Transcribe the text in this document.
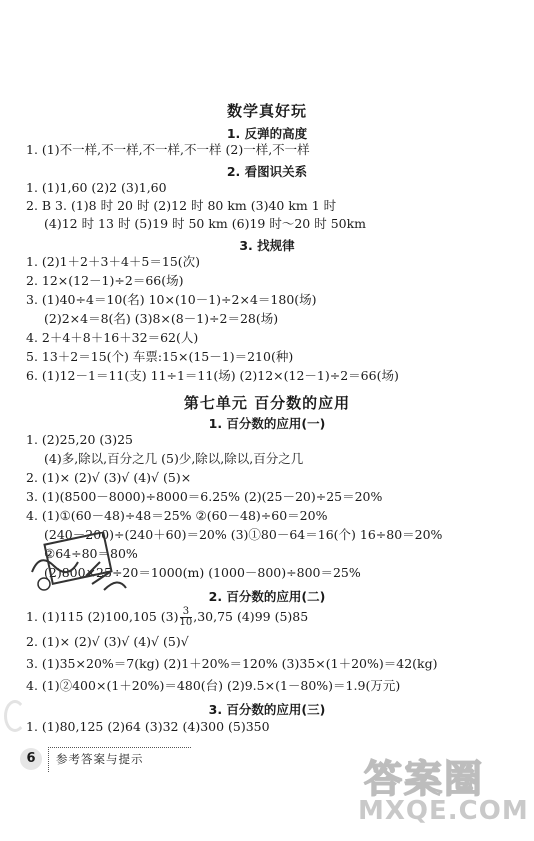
数学真好玩
1. 反弹的高度
1. (1)不一样,不一样,不一样,不一样 (2)一样,不一样
2. 看图识关系
1. (1)1,60 (2)2 (3)1,60
2. B 3. (1)8 时 20 时 (2)12 时 80 km (3)40 km 1 时
(4)12 时 13 时 (5)19 时 50 km (6)19 时～20 时 50km
3. 找规律
1. (2)1＋2＋3＋4＋5＝15(次)
2. 12×(12－1)÷2＝66(场)
3. (1)40÷4＝10(名) 10×(10－1)÷2×4＝180(场)
(2)2×4＝8(名) (3)8×(8－1)÷2＝28(场)
4. 2＋4＋8＋16＋32＝62(人)
5. 13＋2＝15(个) 车票:15×(15－1)＝210(种)
6. (1)12－1＝11(支) 11÷1＝11(场) (2)12×(12－1)÷2＝66(场)
第七单元 百分数的应用
1. 百分数的应用(一)
1. (2)25,20 (3)25
(4)多,除以,百分之几 (5)少,除以,除以,百分之几
2. (1)× (2)√ (3)√ (4)√ (5)×
3. (1)(8500－8000)÷8000＝6.25% (2)(25－20)÷25＝20%
4. (1)①(60－48)÷48＝25% ②(60－48)÷60＝20%
(240－200)÷(240＋60)＝20% (3)①80－64＝16(个) 16÷80＝20%
②64÷80＝80%
(2)800×25÷20＝1000(m) (1000－800)÷800＝25%
2. 百分数的应用(二)
1. (1)115 (2)100,105 $(3) \frac{3}{10} ,30,75$ (4)99 (5)85
2. (1)× (2)√ (3)√ (4)√ (5)√
3. (1)35×20%＝7(kg) (2)1＋20%＝120% (3)35×(1＋20%)＝42(kg)
4. (1)②400×(1＋20%)＝480(台) (2)9.5×(1－80%)＝1.9(万元)
3. 百分数的应用(三)
1. (1)80,125 (2)64 (3)32 (4)300 (5)350
6	参考答案与提示	答案圈
MXQE.COM
